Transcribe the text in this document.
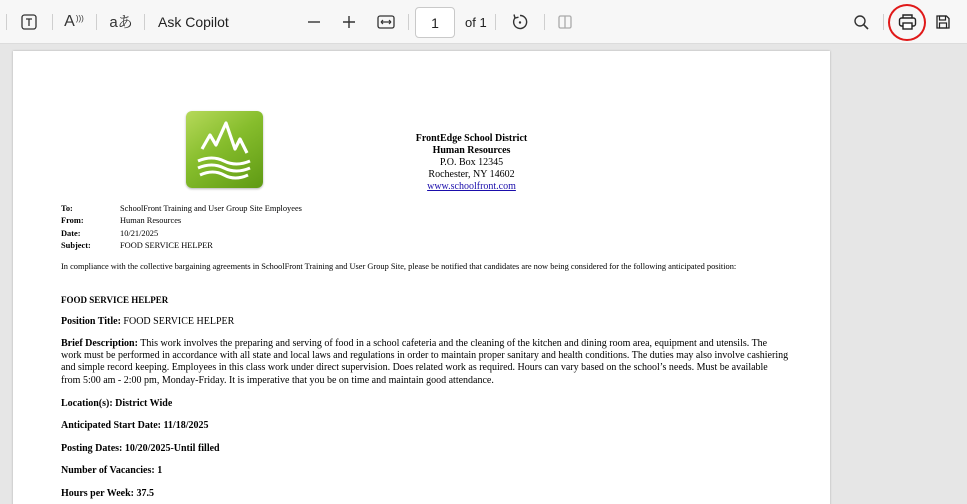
A ))) aあ Ask Copilot
1	of 1
FrontEdge School District
Human Resources
P.O. Box 12345
Rochester, NY 14602
www.schoolfront.com
To:	SchoolFront Training and User Group Site Employees
From:	Human Resources
Date:	10/21/2025
Subject:	FOOD SERVICE HELPER
In compliance with the collective bargaining agreements in SchoolFront Training and User Group Site, please be notified that candidates are now being considered for the following anticipated position:
FOOD SERVICE HELPER
Position Title: FOOD SERVICE HELPER
Brief Description: This work involves the preparing and serving of food in a school cafeteria and the cleaning of the kitchen and dining room area, equipment and utensils. The work must be performed in accordance with all state and local laws and regulations in order to maintain proper sanitary and health conditions. The duties may also involve cashiering and simple record keeping. Employees in this class work under direct supervision. Does related work as required. Hours can vary based on the school’s needs. Must be available from 5:00 am - 2:00 pm, Monday-Friday. It is imperative that you be on time and maintain good attendance.
Location(s): District Wide
Anticipated Start Date: 11/18/2025
Posting Dates: 10/20/2025-Until filled
Number of Vacancies: 1
Hours per Week: 37.5
